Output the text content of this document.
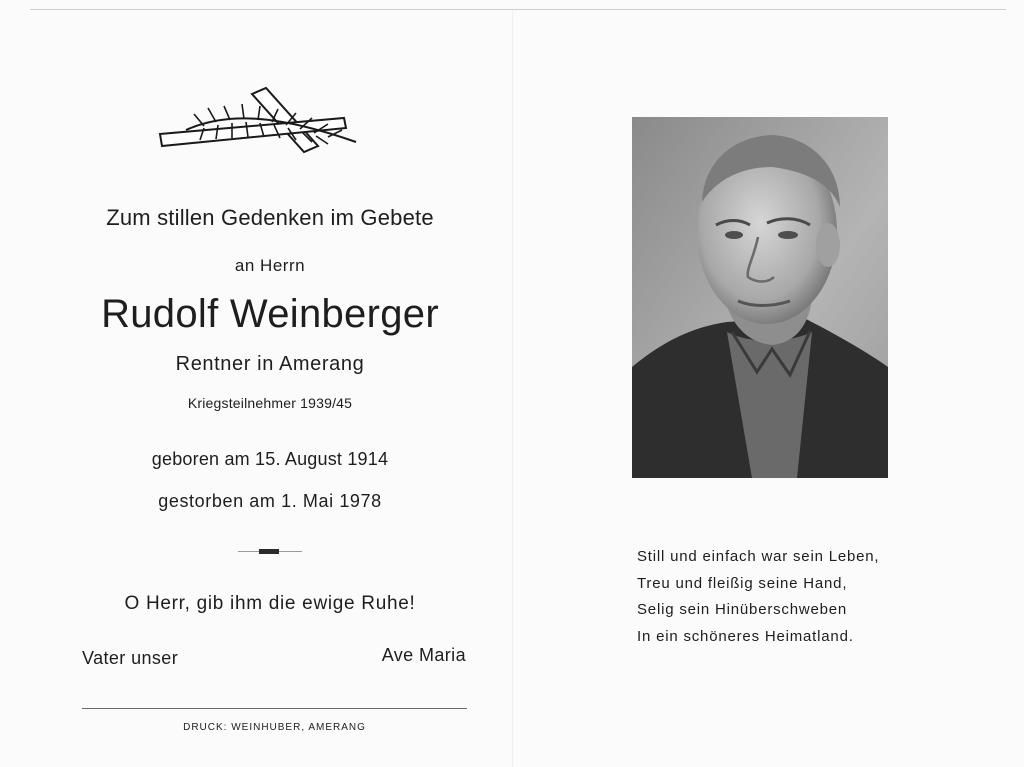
Zum stillen Gedenken im Gebete
an Herrn
Rudolf Weinberger
Rentner in Amerang
Kriegsteilnehmer 1939/45
geboren am 15. August 1914
gestorben am 1. Mai 1978
O Herr, gib ihm die ewige Ruhe!
Vater unser	Ave Maria
DRUCK: WEINHUBER, AMERANG
Still und einfach war sein Leben,
Treu und fleißig seine Hand,
Selig sein Hinüberschweben
In ein schöneres Heimatland.
